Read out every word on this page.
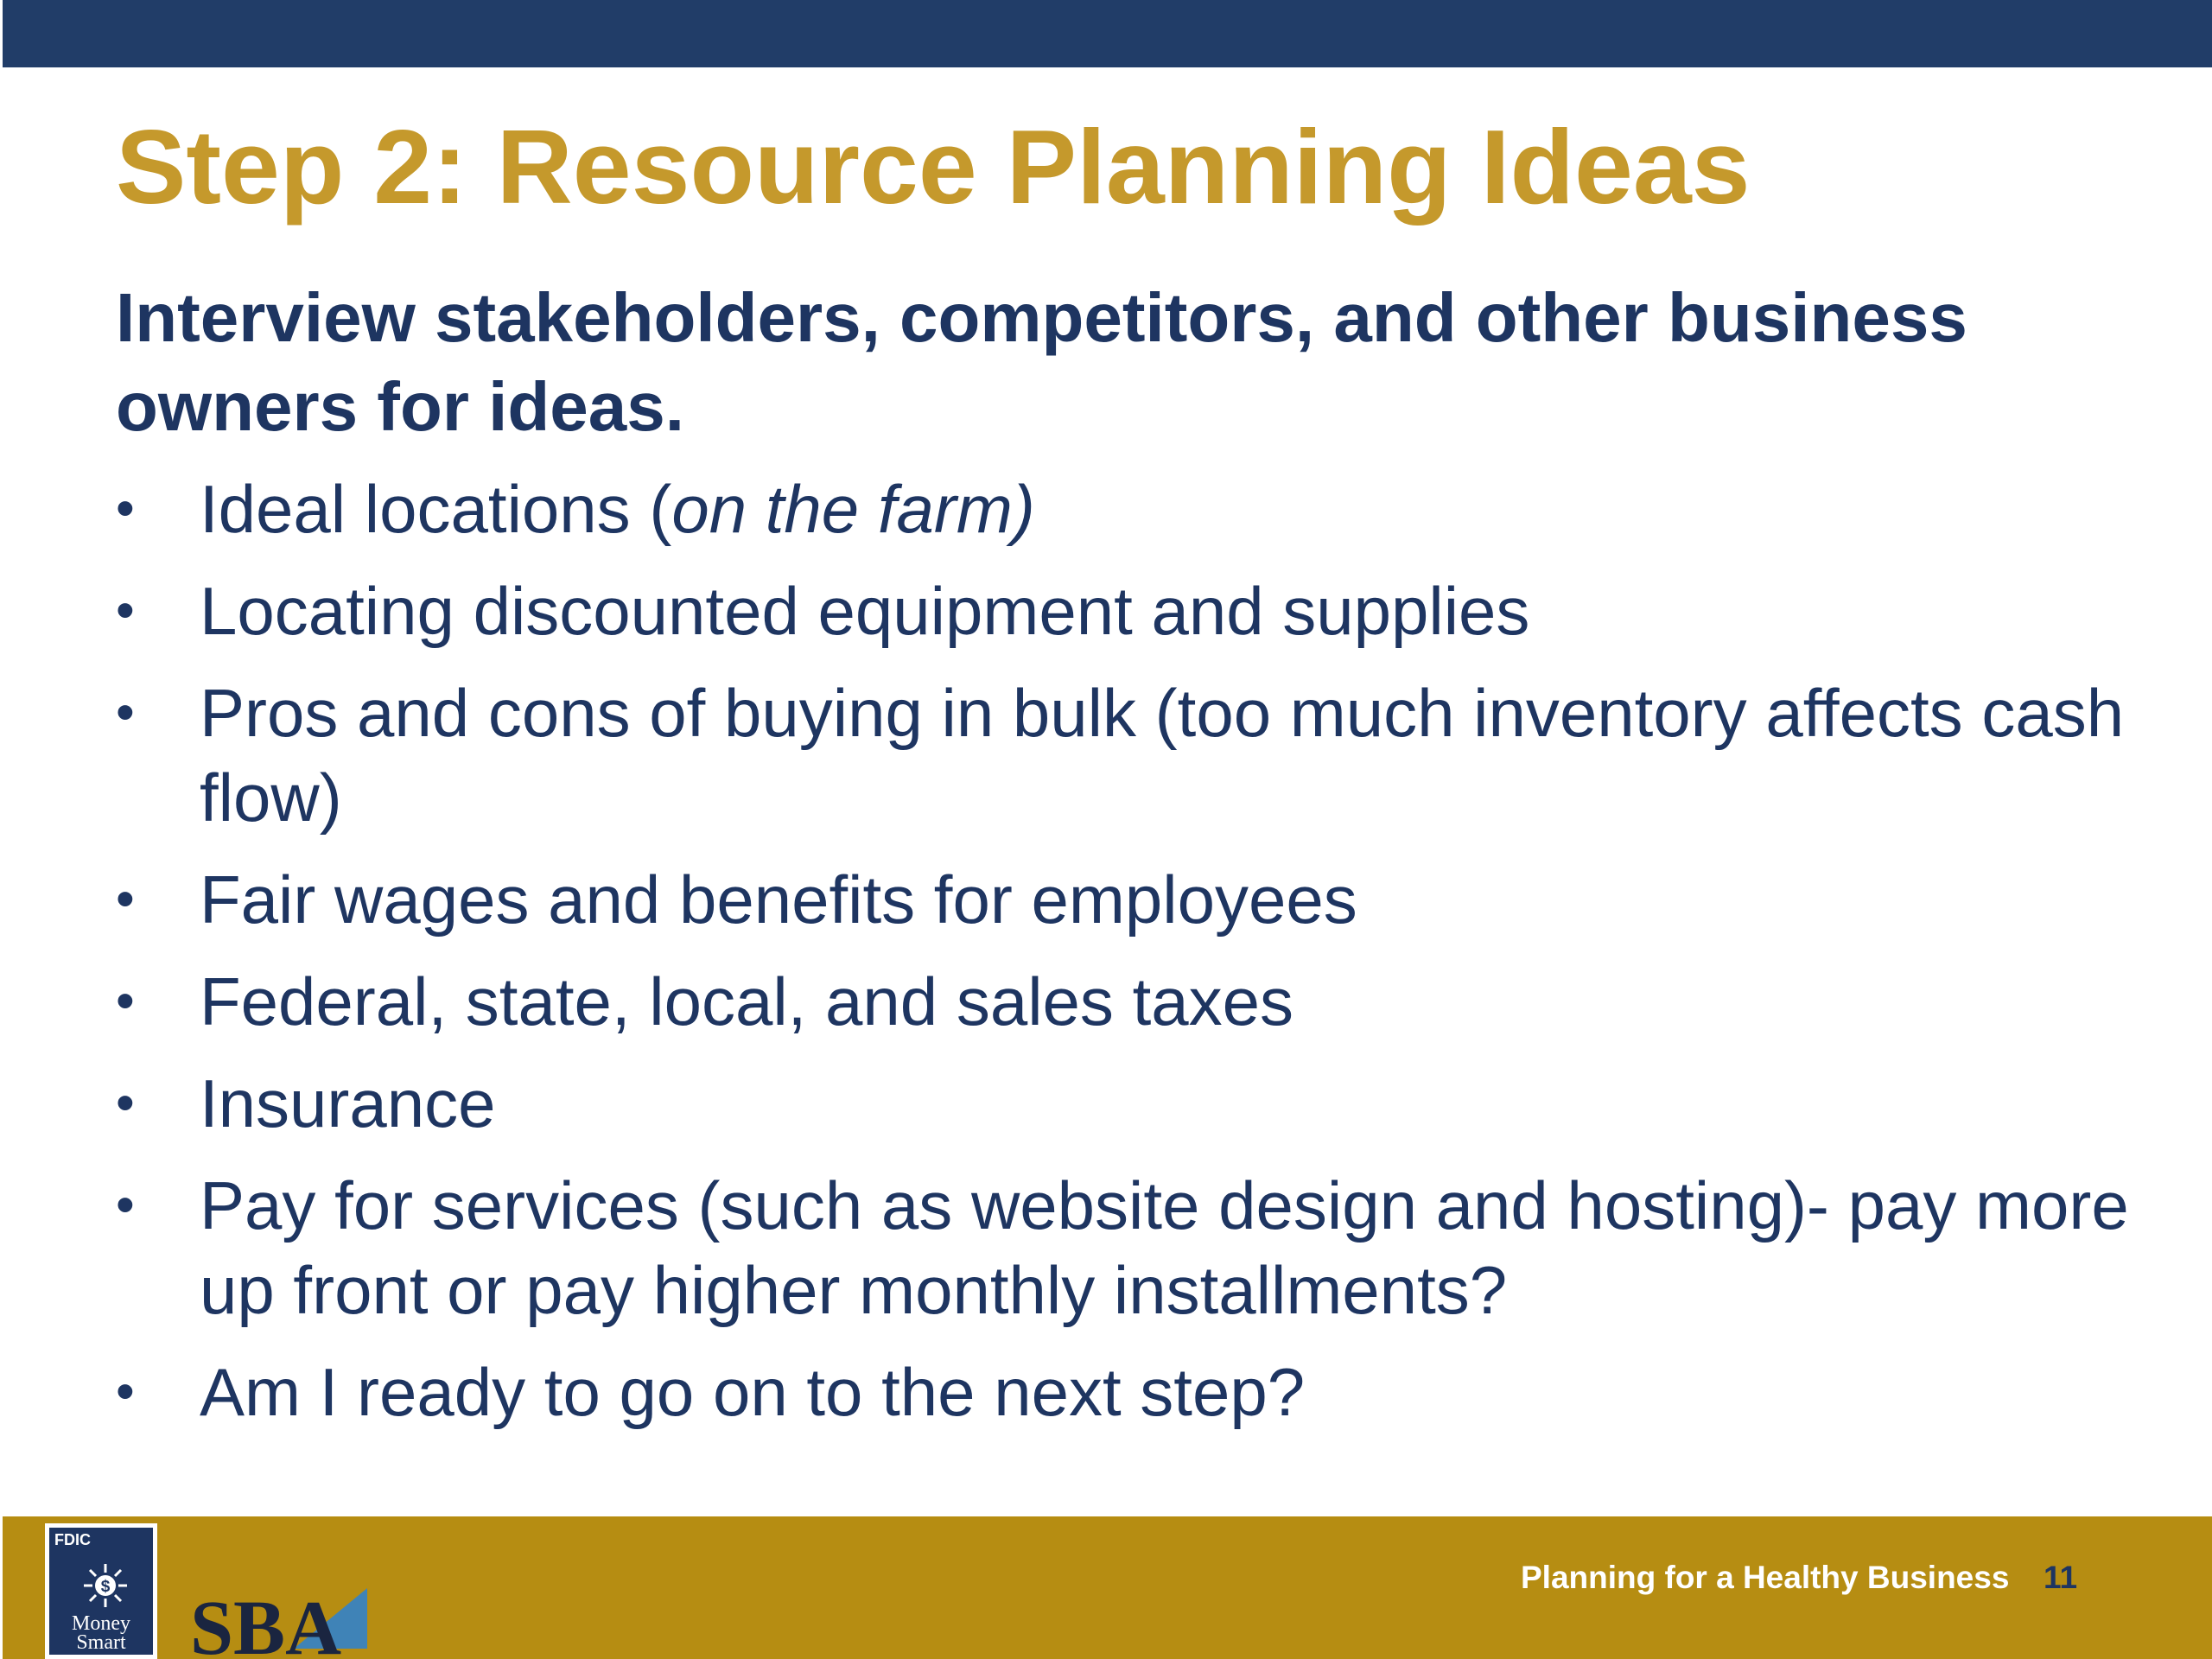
Step 2: Resource Planning Ideas

Interview stakeholders, competitors, and other business owners for ideas.

• Ideal locations (on the farm)
• Locating discounted equipment and supplies
• Pros and cons of buying in bulk (too much inventory affects cash flow)
• Fair wages and benefits for employees
• Federal, state, local, and sales taxes
• Insurance
• Pay for services (such as website design and hosting)- pay more up front or pay higher monthly installments?
• Am I ready to go on to the next step?
FDIC
$
Money
Smart SBA
Planning for a Healthy Business 11
